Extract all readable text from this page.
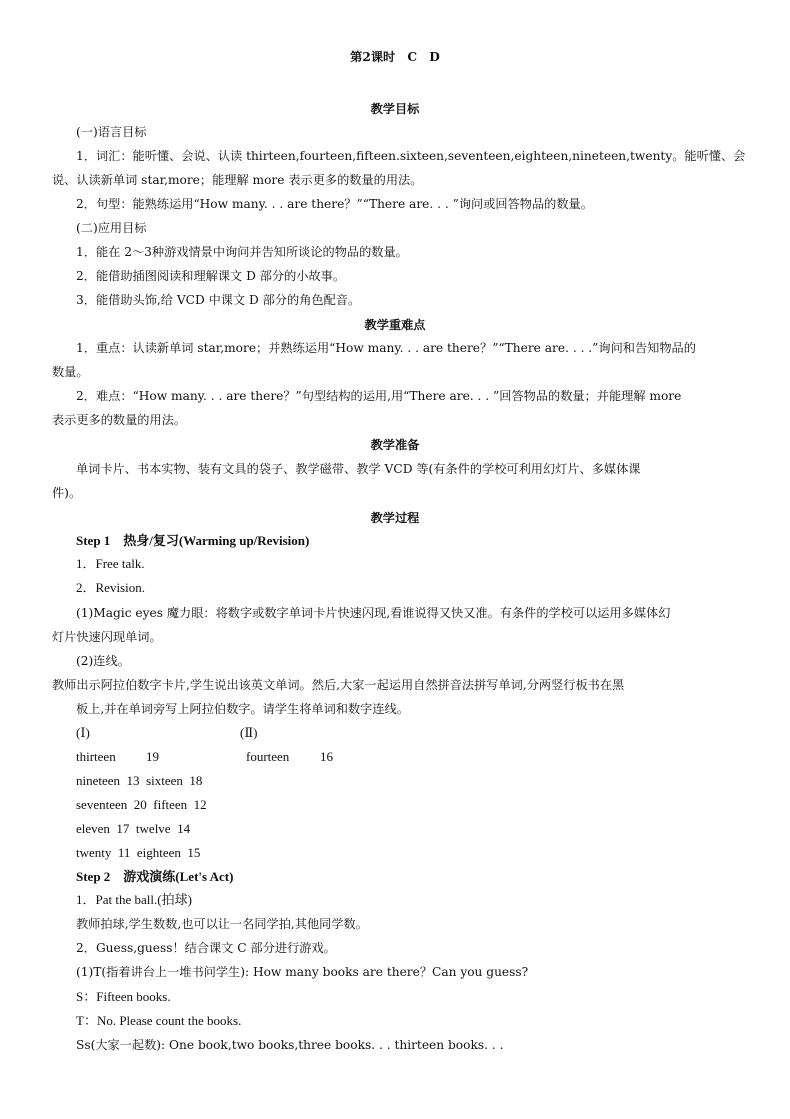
第2课时　C　D
教学目标
(一)语言目标
1．词汇：能听懂、会说、认读 thirteen,fourteen,fifteen.sixteen,seventeen,eighteen,nineteen,twenty。能听懂、会
说、认读新单词 star,more；能理解 more 表示更多的数量的用法。
2．句型：能熟练运用“How many. . . are there？”“There are. . . ”询问或回答物品的数量。
(二)应用目标
1．能在 2～3种游戏情景中询问并告知所谈论的物品的数量。
2．能借助插图阅读和理解课文 D 部分的小故事。
3．能借助头饰,给 VCD 中课文 D 部分的角色配音。
教学重难点
1．重点：认读新单词 star,more；并熟练运用“How many. . . are there？”“There are. . . .”询问和告知物品的
数量。
2．难点：“How many. . . are there？”句型结构的运用,用“There are. . . ”回答物品的数量；并能理解 more
表示更多的数量的用法。
教学准备
单词卡片、书本实物、装有文具的袋子、教学磁带、教学 VCD 等(有条件的学校可利用幻灯片、多媒体课
件)。
教学过程
Step 1　热身/复习(Warming up/Revision)
1．Free talk.
2．Revision.
(1)Magic eyes 魔力眼：将数字或数字单词卡片快速闪现,看谁说得又快又准。有条件的学校可以运用多媒体幻
灯片快速闪现单词。
(2)连线。
教师出示阿拉伯数字卡片,学生说出该英文单词。然后,大家一起运用自然拼音法拼写单词,分两竖行板书在黑
板上,并在单词旁写上阿拉伯数字。请学生将单词和数字连线。
(Ⅰ)	(Ⅱ)
thirteen 19	fourteen 16
nineteen  13  sixteen  18
seventeen  20  fifteen  12
eleven  17  twelve  14
twenty  11  eighteen  15
Step 2　游戏演练(Let's Act)
1．Pat the ball.(拍球)
教师拍球,学生数数,也可以让一名同学拍,其他同学数。
2．Guess,guess！结合课文 C 部分进行游戏。
(1)T(指着讲台上一堆书问学生): How many books are there？Can you guess?
S：Fifteen books.
T：No. Please count the books.
Ss(大家一起数): One book,two books,three books. . . thirteen books. . .
